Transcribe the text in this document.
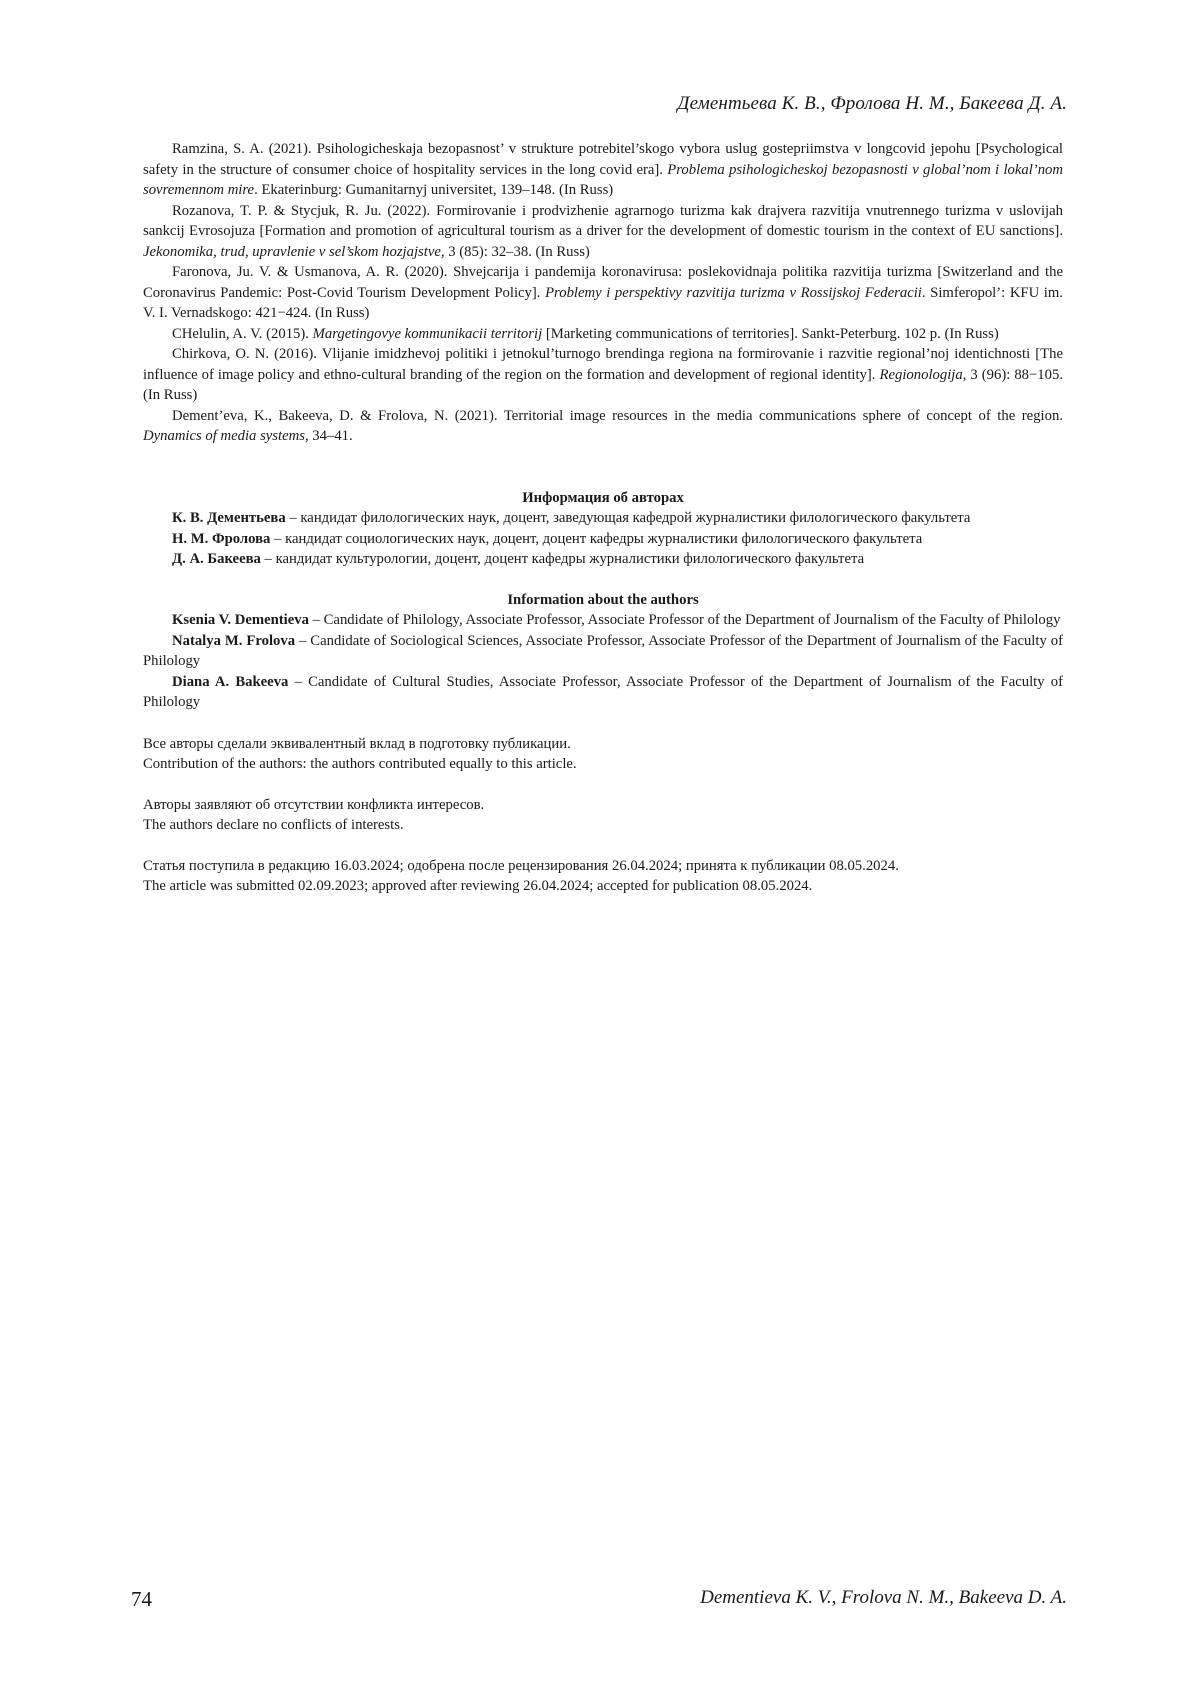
Дементьева К. В., Фролова Н. М., Бакеева Д. А.

Ramzina, S. A. (2021). Psihologicheskaja bezopasnost’ v strukture potrebitel’skogo vybora uslug gostepriimstva v longcovid jepohu [Psychological safety in the structure of consumer choice of hospitality services in the long covid era]. Problema psihologicheskoj bezopasnosti v global’nom i lokal’nom sovremennom mire. Ekaterinburg: Gumanitarnyj universitet, 139–148. (In Russ)

Rozanova, T. P. & Stycjuk, R. Ju. (2022). Formirovanie i prodvizhenie agrarnogo turizma kak drajvera razvitija vnutrennego turizma v uslovijah sankcij Evrosojuza [Formation and promotion of agricultural tourism as a driver for the development of domestic tourism in the context of EU sanctions]. Jekonomika, trud, upravlenie v sel’skom hozjajstve, 3 (85): 32–38. (In Russ)

Faronova, Ju. V. & Usmanova, A. R. (2020). Shvejcarija i pandemija koronavirusa: poslekovidnaja politika razvitija turizma [Switzerland and the Coronavirus Pandemic: Post-Covid Tourism Development Policy]. Problemy i perspektivy razvitija turizma v Rossijskoj Federacii. Simferopol’: KFU im. V. I. Vernadskogo: 421−424. (In Russ)

CHelulin, A. V. (2015). Margetingovye kommunikacii territorij [Marketing communications of territories]. Sankt-Peterburg. 102 p. (In Russ)

Chirkova, O. N. (2016). Vlijanie imidzhevoj politiki i jetnokul’turnogo brendinga regiona na formirovanie i razvitie regional’noj identichnosti [The influence of image policy and ethno-cultural branding of the region on the formation and development of regional identity]. Regionologija, 3 (96): 88−105. (In Russ)

Dement’eva, K., Bakeeva, D. & Frolova, N. (2021). Territorial image resources in the media communications sphere of concept of the region. Dynamics of media systems, 34–41.

Информация об авторах

К. В. Дементьева – кандидат филологических наук, доцент, заведующая кафедрой журналистики филологического факультета

Н. М. Фролова – кандидат социологических наук, доцент, доцент кафедры журналистики филологического факультета

Д. А. Бакеева – кандидат культурологии, доцент, доцент кафедры журналистики филологического факультета

Information about the authors

Ksenia V. Dementieva – Candidate of Philology, Associate Professor, Associate Professor of the Department of Journalism of the Faculty of Philology

Natalya M. Frolova – Candidate of Sociological Sciences, Associate Professor, Associate Professor of the Department of Journalism of the Faculty of Philology

Diana A. Bakeeva – Candidate of Cultural Studies, Associate Professor, Associate Professor of the Department of Journalism of the Faculty of Philology

Все авторы сделали эквивалентный вклад в подготовку публикации.
Contribution of the authors: the authors contributed equally to this article.
Авторы заявляют об отсутствии конфликта интересов.
The authors declare no conflicts of interests.
Статья поступила в редакцию 16.03.2024; одобрена после рецензирования 26.04.2024; принята к публикации 08.05.2024.
The article was submitted 02.09.2023; approved after reviewing 26.04.2024; accepted for publication 08.05.2024.
74	Dementieva K. V., Frolova N. M., Bakeeva D. A.
